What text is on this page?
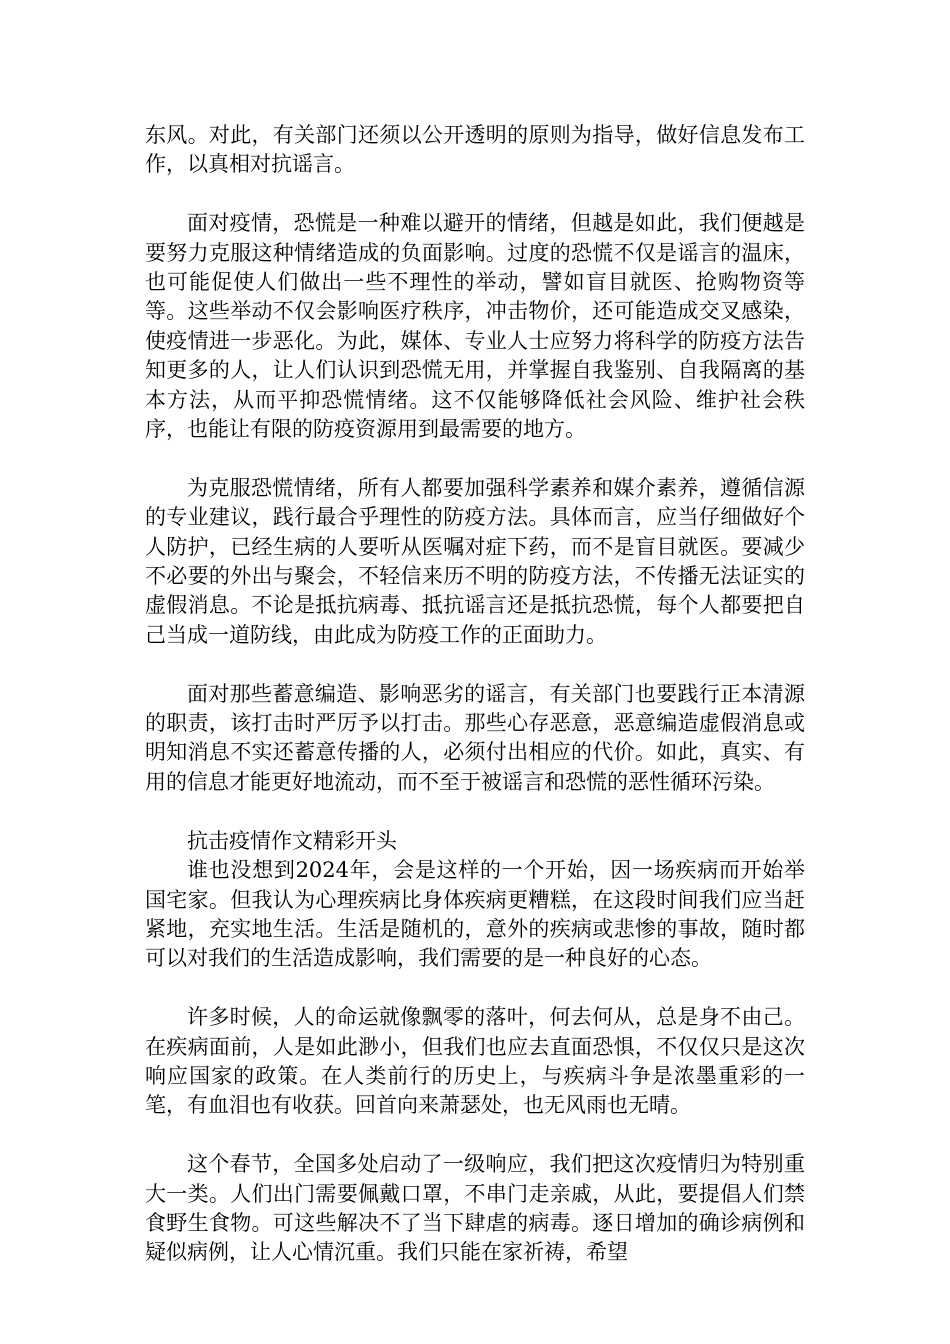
东风。对此，有关部门还须以公开透明的原则为指导，做好信息发布工作，以真相对抗谣言。

面对疫情，恐慌是一种难以避开的情绪，但越是如此，我们便越是要努力克服这种情绪造成的负面影响。过度的恐慌不仅是谣言的温床，也可能促使人们做出一些不理性的举动，譬如盲目就医、抢购物资等等。这些举动不仅会影响医疗秩序，冲击物价，还可能造成交叉感染，使疫情进一步恶化。为此，媒体、专业人士应努力将科学的防疫方法告知更多的人，让人们认识到恐慌无用，并掌握自我鉴别、自我隔离的基本方法，从而平抑恐慌情绪。这不仅能够降低社会风险、维护社会秩序，也能让有限的防疫资源用到最需要的地方。

为克服恐慌情绪，所有人都要加强科学素养和媒介素养，遵循信源的专业建议，践行最合乎理性的防疫方法。具体而言，应当仔细做好个人防护，已经生病的人要听从医嘱对症下药，而不是盲目就医。要减少不必要的外出与聚会，不轻信来历不明的防疫方法，不传播无法证实的虚假消息。不论是抵抗病毒、抵抗谣言还是抵抗恐慌，每个人都要把自己当成一道防线，由此成为防疫工作的正面助力。

面对那些蓄意编造、影响恶劣的谣言，有关部门也要践行正本清源的职责，该打击时严厉予以打击。那些心存恶意，恶意编造虚假消息或明知消息不实还蓄意传播的人，必须付出相应的代价。如此，真实、有用的信息才能更好地流动，而不至于被谣言和恐慌的恶性循环污染。

抗击疫情作文精彩开头

谁也没想到2024年，会是这样的一个开始，因一场疾病而开始举国宅家。但我认为心理疾病比身体疾病更糟糕，在这段时间我们应当赶紧地，充实地生活。生活是随机的，意外的疾病或悲惨的事故，随时都可以对我们的生活造成影响，我们需要的是一种良好的心态。

许多时候，人的命运就像飘零的落叶，何去何从，总是身不由己。在疾病面前，人是如此渺小，但我们也应去直面恐惧，不仅仅只是这次响应国家的政策。在人类前行的历史上，与疾病斗争是浓墨重彩的一笔，有血泪也有收获。回首向来萧瑟处，也无风雨也无晴。

这个春节，全国多处启动了一级响应，我们把这次疫情归为特别重大一类。人们出门需要佩戴口罩，不串门走亲戚，从此，要提倡人们禁食野生食物。可这些解决不了当下肆虐的病毒。逐日增加的确诊病例和疑似病例，让人心情沉重。我们只能在家祈祷，希望
